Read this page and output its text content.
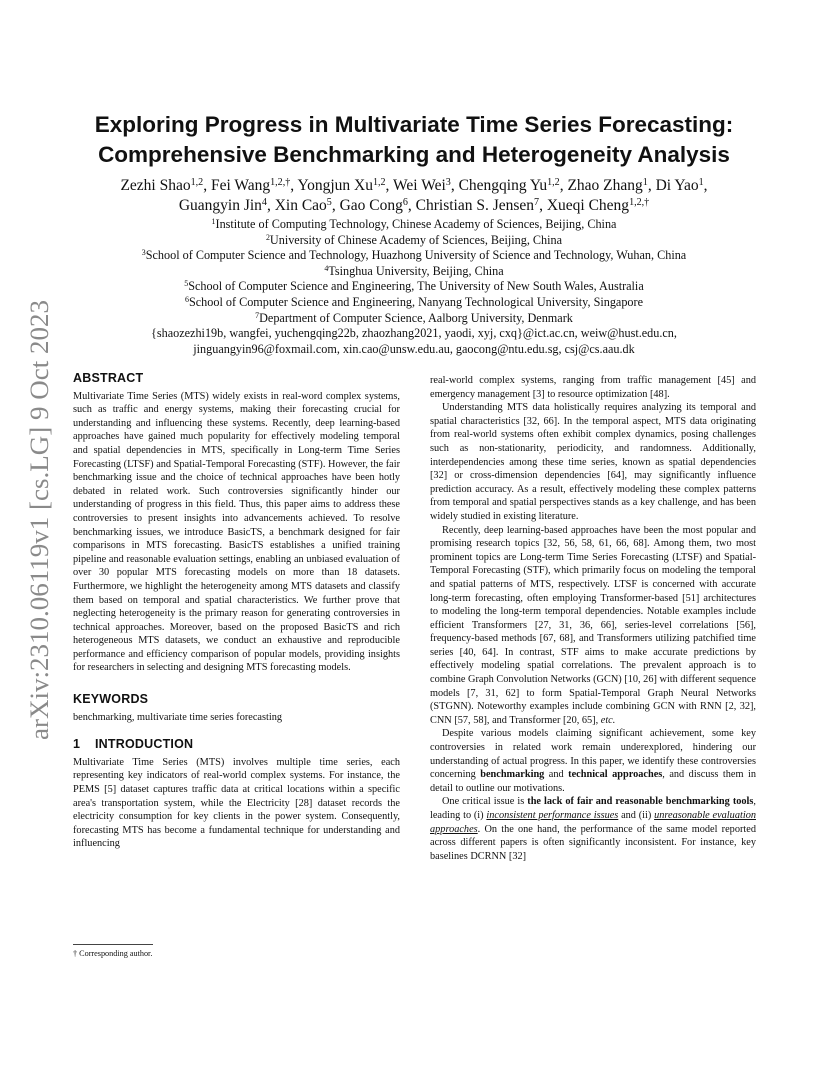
arXiv:2310.06119v1 [cs.LG] 9 Oct 2023
Exploring Progress in Multivariate Time Series Forecasting:
Comprehensive Benchmarking and Heterogeneity Analysis
Zezhi Shao$^{1,2}$, Fei Wang$^{1,2,\dagger}$, Yongjun Xu$^{1,2}$, Wei Wei$^3$, Chengqing Yu$^{1,2}$, Zhao Zhang$^1$, Di Yao$^1$,
Guangyin Jin$^4$, Xin Cao$^5$, Gao Cong$^6$, Christian S. Jensen$^7$, Xueqi Cheng$^{1,2,\dagger}$
$^1$Institute of Computing Technology, Chinese Academy of Sciences, Beijing, China
$^2$University of Chinese Academy of Sciences, Beijing, China
$^3$School of Computer Science and Technology, Huazhong University of Science and Technology, Wuhan, China
$^4$Tsinghua University, Beijing, China
$^5$School of Computer Science and Engineering, The University of New South Wales, Australia
$^6$School of Computer Science and Engineering, Nanyang Technological University, Singapore
$^7$Department of Computer Science, Aalborg University, Denmark
{shaozezhi19b, wangfei, yuchengqing22b, zhaozhang2021, yaodi, xyj, cxq}@ict.ac.cn, weiw@hust.edu.cn,
jinguangyin96@foxmail.com, xin.cao@unsw.edu.au, gaocong@ntu.edu.sg, csj@cs.aau.dk
ABSTRACT

Multivariate Time Series (MTS) widely exists in real-word complex systems, such as traffic and energy systems, making their forecasting crucial for understanding and influencing these systems. Recently, deep learning-based approaches have gained much popularity for effectively modeling temporal and spatial dependencies in MTS, specifically in Long-term Time Series Forecasting (LTSF) and Spatial-Temporal Forecasting (STF). However, the fair benchmarking issue and the choice of technical approaches have been hotly debated in related work. Such controversies significantly hinder our understanding of progress in this field. Thus, this paper aims to address these controversies to present insights into advancements achieved. To resolve benchmarking issues, we introduce BasicTS, a benchmark designed for fair comparisons in MTS forecasting. BasicTS establishes a unified training pipeline and reasonable evaluation settings, enabling an unbiased evaluation of over 30 popular MTS forecasting models on more than 18 datasets. Furthermore, we highlight the heterogeneity among MTS datasets and classify them based on temporal and spatial characteristics. We further prove that neglecting heterogeneity is the primary reason for generating controversies in technical approaches. Moreover, based on the proposed BasicTS and rich heterogeneous MTS datasets, we conduct an exhaustive and reproducible performance and efficiency comparison of popular models, providing insights for researchers in selecting and designing MTS forecasting models.

KEYWORDS

benchmarking, multivariate time series forecasting

1 INTRODUCTION

Multivariate Time Series (MTS) involves multiple time series, each representing key indicators of real-world complex systems. For instance, the PEMS [5] dataset captures traffic data at critical locations within a specific area's transportation system, while the Electricity [28] dataset records the electricity consumption for key clients in the power system. Consequently, forecasting MTS has become a fundamental technique for understanding and influencing

real-world complex systems, ranging from traffic management [45] and emergency management [3] to resource optimization [48].

Understanding MTS data holistically requires analyzing its temporal and spatial characteristics [32, 66]. In the temporal aspect, MTS data originating from real-world systems often exhibit complex dynamics, posing challenges such as non-stationarity, periodicity, and randomness. Additionally, interdependencies among these time series, known as spatial dependencies [32] or cross-dimension dependencies [64], may significantly influence prediction accuracy. As a result, effectively modeling these complex patterns from temporal and spatial perspectives stands as a key challenge, and has been widely studied in existing literature.

Recently, deep learning-based approaches have been the most popular and promising research topics [32, 56, 58, 61, 66, 68]. Among them, two most prominent topics are Long-term Time Series Forecasting (LTSF) and Spatial-Temporal Forecasting (STF), which primarily focus on modeling the temporal and spatial patterns of MTS, respectively. LTSF is concerned with accurate long-term forecasting, often employing Transformer-based [51] architectures to modeling the long-term temporal dependencies. Notable examples include efficient Transformers [27, 31, 36, 66], series-level correlations [56], frequency-based methods [67, 68], and Transformers utilizing patchified time series [40, 64]. In contrast, STF aims to make accurate predictions by effectively modeling spatial correlations. The prevalent approach is to combine Graph Convolution Networks (GCN) [10, 26] with different sequence models [7, 31, 62] to form Spatial-Temporal Graph Neural Networks (STGNN). Noteworthy examples include combining GCN with RNN [2, 32], CNN [57, 58], and Transformer [20, 65], etc.

Despite various models claiming significant achievement, some key controversies in related work remain underexplored, hindering our understanding of actual progress. In this paper, we identify these controversies concerning benchmarking and technical approaches, and discuss them in detail to outline our motivations.

One critical issue is the lack of fair and reasonable benchmarking tools, leading to (i) inconsistent performance issues and (ii) unreasonable evaluation approaches. On the one hand, the performance of the same model reported across different papers is often significantly inconsistent. For instance, key baselines DCRNN [32]

† Corresponding author.
